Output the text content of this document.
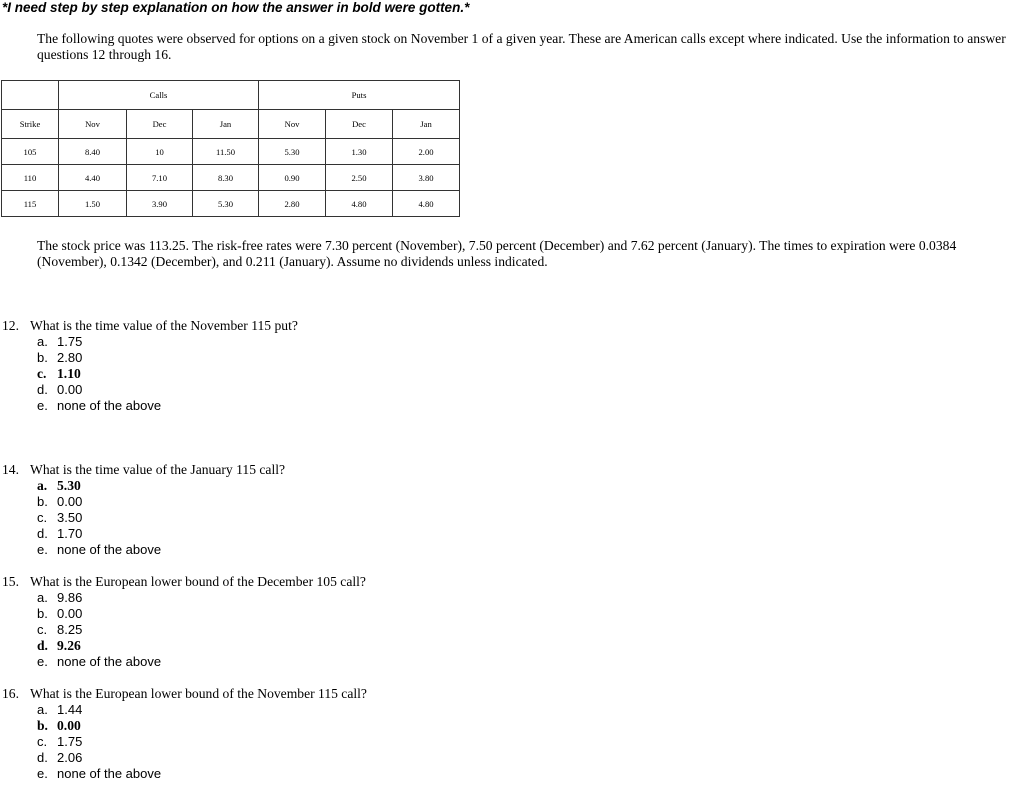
*I need step by step explanation on how the answer in bold were gotten.*
The following quotes were observed for options on a given stock on November 1 of a given year. These are American calls except where indicated. Use the information to answer questions 12 through 16.
	Calls			Puts		
Strike	Nov	Dec	Jan	Nov	Dec	Jan
105	8.40	10	11.50	5.30	1.30	2.00
110	4.40	7.10	8.30	0.90	2.50	3.80
115	1.50	3.90	5.30	2.80	4.80	4.80
The stock price was 113.25. The risk-free rates were 7.30 percent (November), 7.50 percent (December) and 7.62 percent (January). The times to expiration were 0.0384 (November), 0.1342 (December), and 0.211 (January). Assume no dividends unless indicated.
12. What is the time value of the November 115 put?
a. 1.75
b. 2.80
c. 1.10
d. 0.00
e. none of the above
14. What is the time value of the January 115 call?
a. 5.30
b. 0.00
c. 3.50
d. 1.70
e. none of the above
15. What is the European lower bound of the December 105 call?
a. 9.86
b. 0.00
c. 8.25
d. 9.26
e. none of the above
16. What is the European lower bound of the November 115 call?
a. 1.44
b. 0.00
c. 1.75
d. 2.06
e. none of the above
